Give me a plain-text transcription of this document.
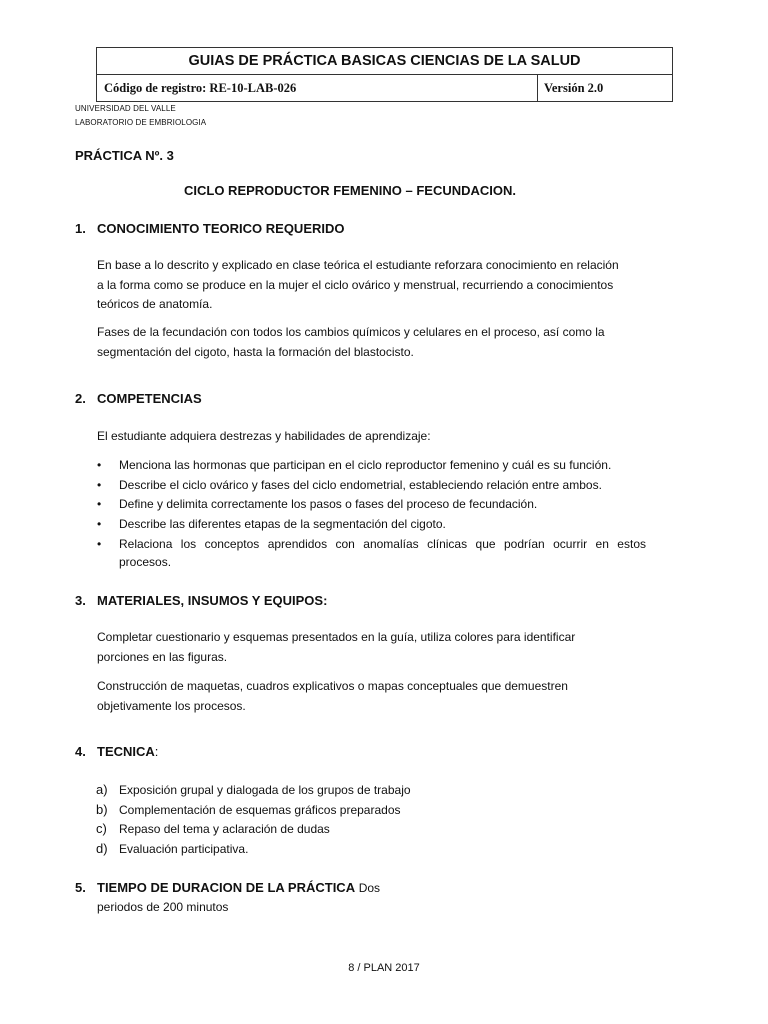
GUIAS DE PRÁCTICA BASICAS CIENCIAS DE LA SALUD
Código de registro: RE-10-LAB-026	Versión 2.0
UNIVERSIDAD DEL VALLE
LABORATORIO DE EMBRIOLOGIA
PRÁCTICA Nº. 3
CICLO REPRODUCTOR FEMENINO – FECUNDACION.
1. CONOCIMIENTO TEORICO REQUERIDO
En base a lo descrito y explicado en clase teórica el estudiante reforzara conocimiento en relación
a la forma como se produce en la mujer el ciclo ovárico y menstrual, recurriendo a conocimientos
teóricos de anatomía.
Fases de la fecundación con todos los cambios químicos y celulares en el proceso, así como la
segmentación del cigoto, hasta la formación del blastocisto.
2. COMPETENCIAS
El estudiante adquiera destrezas y habilidades de aprendizaje:
• Menciona las hormonas que participan en el ciclo reproductor femenino y cuál es su función.
• Describe el ciclo ovárico y fases del ciclo endometrial, estableciendo relación entre ambos.
• Define y delimita correctamente los pasos o fases del proceso de fecundación.
• Describe las diferentes etapas de la segmentación del cigoto.
• Relaciona los conceptos aprendidos con anomalías clínicas que podrían ocurrir en estos
procesos.
3. MATERIALES, INSUMOS Y EQUIPOS:
Completar cuestionario y esquemas presentados en la guía, utiliza colores para identificar
porciones en las figuras.
Construcción de maquetas, cuadros explicativos o mapas conceptuales que demuestren
objetivamente los procesos.
4. TECNICA:
a) Exposición grupal y dialogada de los grupos de trabajo
b) Complementación de esquemas gráficos preparados
c) Repaso del tema y aclaración de dudas
d) Evaluación participativa.
5. TIEMPO DE DURACION DE LA PRÁCTICA Dos
periodos de 200 minutos
8 / PLAN 2017
